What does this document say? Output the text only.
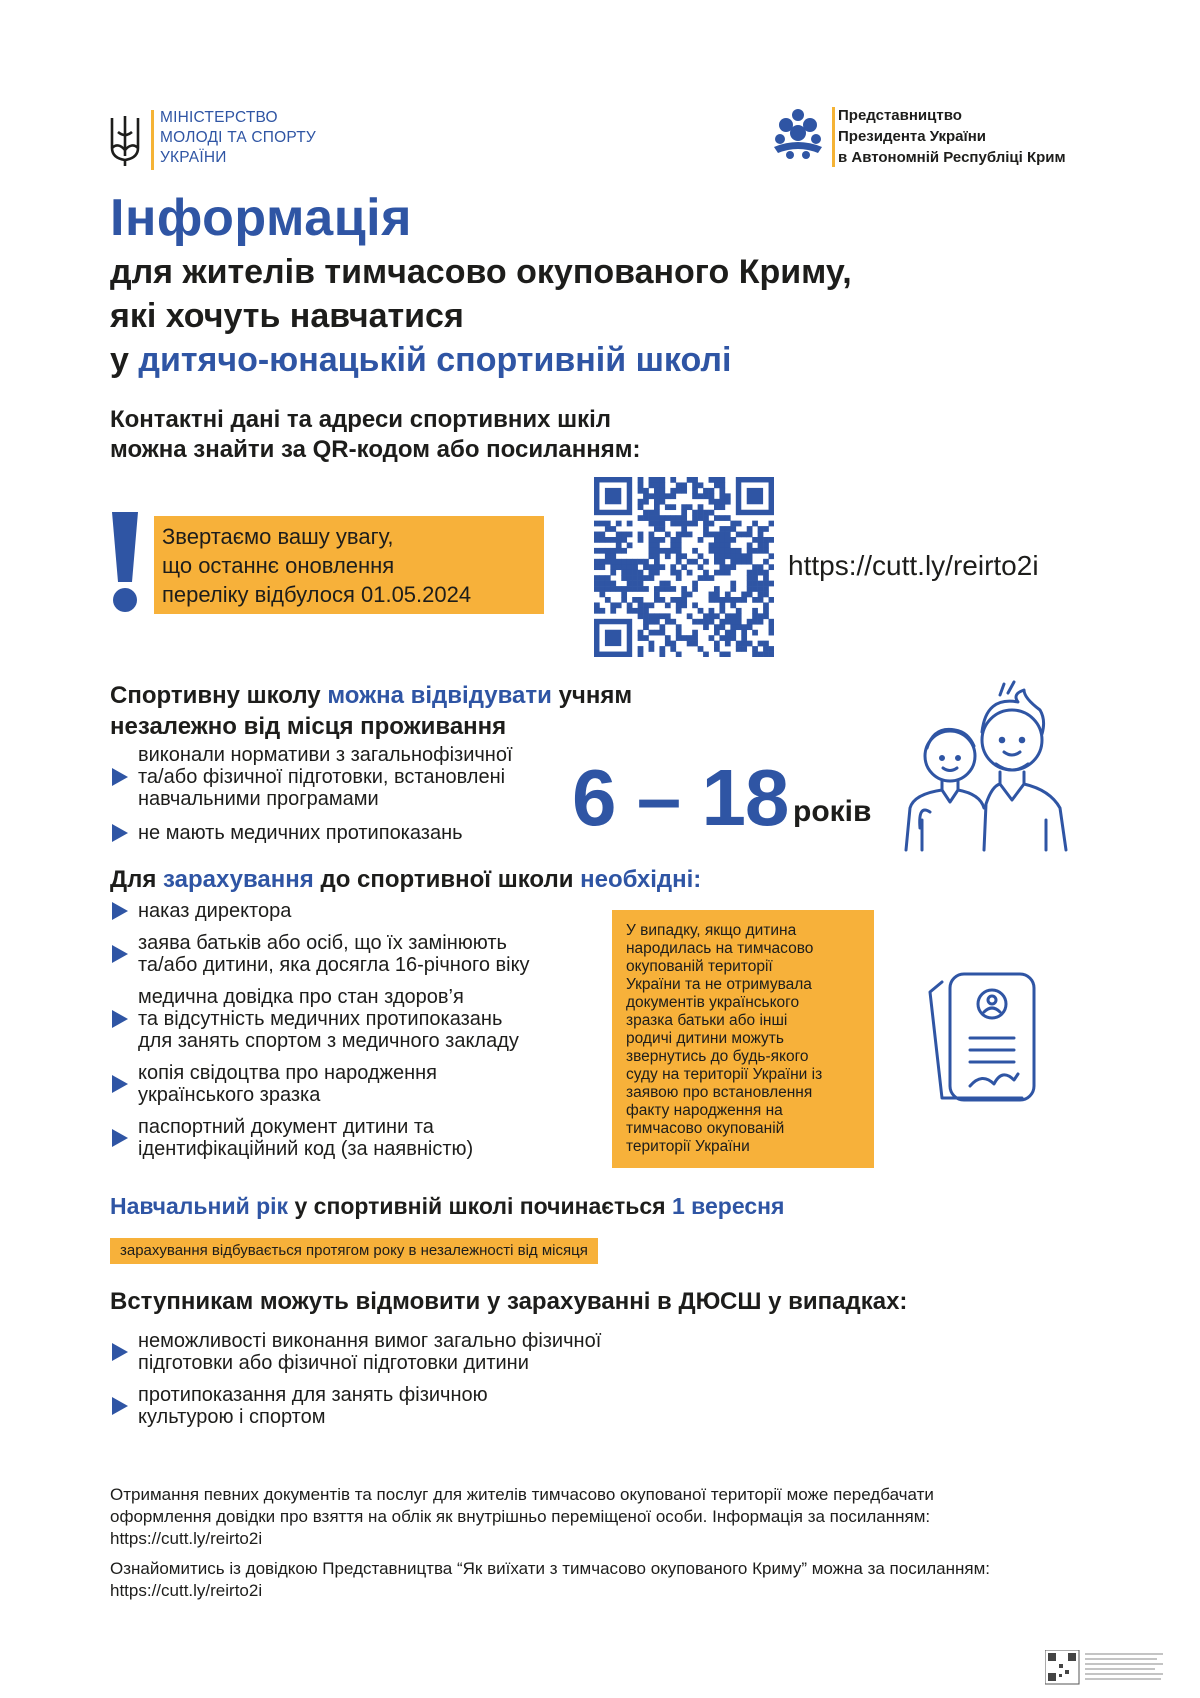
МІНІСТЕРСТВО
МОЛОДІ ТА СПОРТУ
УКРАЇНИ
Представництво
Президента України
в Автономній Республіці Крим
Інформація
для жителів тимчасово окупованого Криму,
які хочуть навчатися
у дитячо-юнацькій спортивній школі
Контактні дані та адреси спортивних шкіл
можна знайти за QR-кодом або посиланням:
Звертаємо вашу увагу,
що останнє оновлення
переліку відбулося 01.05.2024
https://cutt.ly/reirto2i
Спортивну школу можна відвідувати учням
незалежно від місця проживання
виконали нормативи з загальнофізичної
та/або фізичної підготовки, встановлені
навчальними програмами
не мають медичних протипоказань 6 – 18 років
Для зарахування до спортивної школи необхідні:
наказ директора
заява батьків або осіб, що їх замінюють
та/або дитини, яка досягла 16-річного віку
медична довідка про стан здоров’я
та відсутність медичних протипоказань
для занять спортом з медичного закладу
копія свідоцтва про народження
українського зразка
паспортний документ дитини та
ідентифікаційний код (за наявністю)
У випадку, якщо дитина
народилась на тимчасово
окупованій території
України та не отримувала
документів українського
зразка батьки або інші
родичі дитини можуть
звернутись до будь-якого
суду на території України із
заявою про встановлення
факту народження на
тимчасово окупованій
території України
Навчальний рік у спортивній школі починається 1 вересня
зарахування відбувається протягом року в незалежності від місяця
Вступникам можуть відмовити у зарахуванні в ДЮСШ у випадках:
неможливості виконання вимог загально фізичної
підготовки або фізичної підготовки дитини
протипоказання для занять фізичною
культурою і спортом
Отримання певних документів та послуг для жителів тимчасово окупованої території може передбачати
оформлення довідки про взяття на облік як внутрішньо переміщеної особи. Інформація за посиланням:
https://cutt.ly/reirto2i
Ознайомитись із довідкою Представництва “Як виїхати з тимчасово окупованого Криму” можна за посиланням:
https://cutt.ly/reirto2i
